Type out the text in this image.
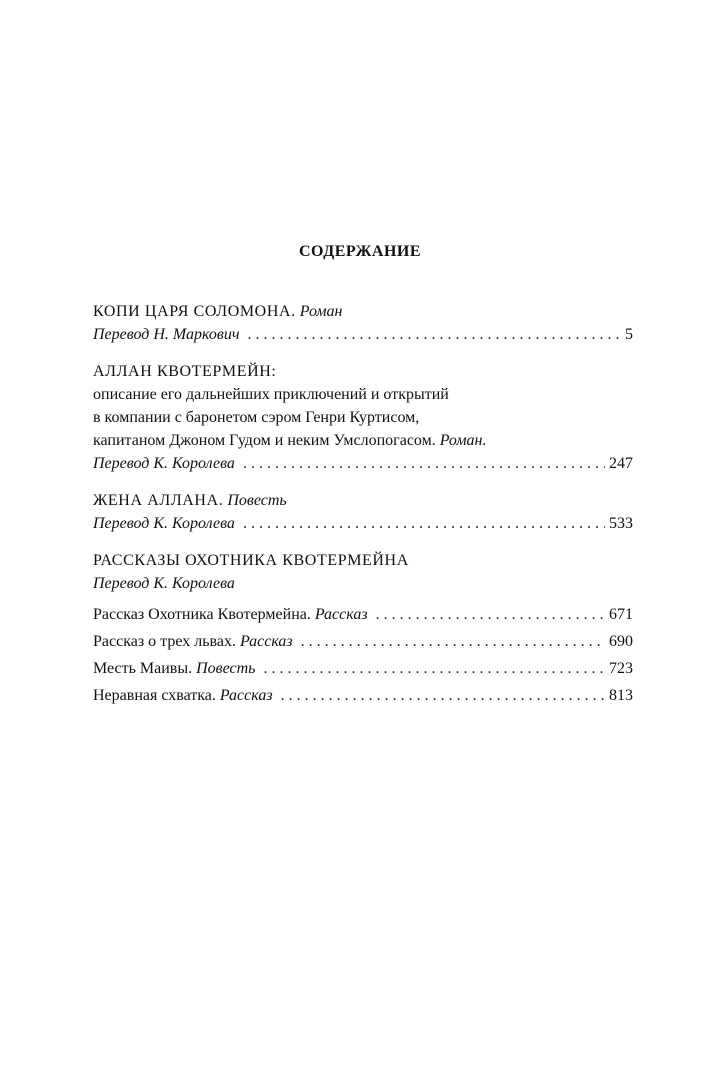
СОДЕРЖАНИЕ
КОПИ ЦАРЯ СОЛОМОНА. Роман
Перевод Н. Маркович . . .	5
АЛЛАН КВОТЕРМЕЙН:
описание его дальнейших приключений и открытий
в компании с баронетом сэром Генри Куртисом,
капитаном Джоном Гудом и неким Умслопогасом. Роман.
Перевод К. Королева . . .	247
ЖЕНА АЛЛАНА. Повесть
Перевод К. Королева . . .	533
РАССКАЗЫ ОХОТНИКА КВОТЕРМЕЙНА
Перевод К. Королева
Рассказ Охотника Квотермейна. Рассказ . . .	671
Рассказ о трех львах. Рассказ . . .	690
Месть Маивы. Повесть . . .	723
Неравная схватка. Рассказ . . .	813
